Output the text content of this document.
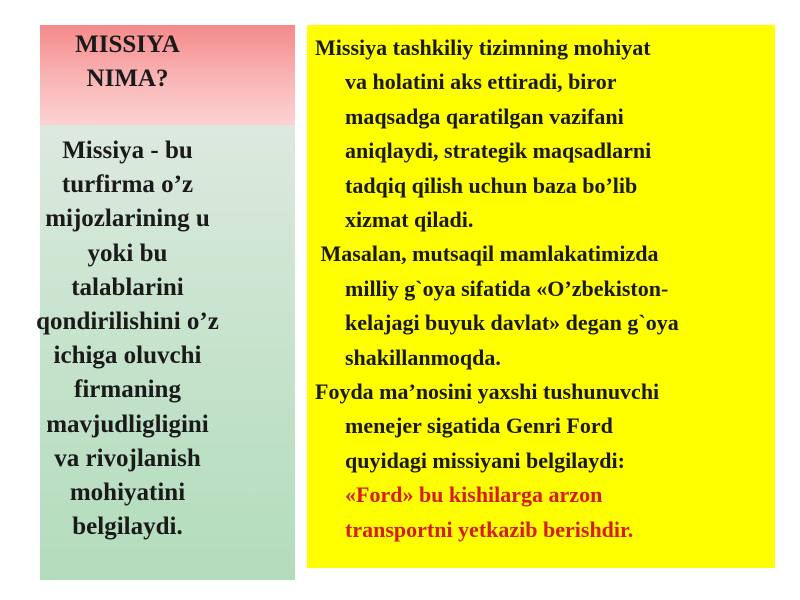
MISSIYA
NIMA?
Missiya - bu
turfirma o’z
mijozlarining u
yoki bu
talablarini
qondirilishini o’z
ichiga oluvchi
firmaning
mavjudligligini
va rivojlanish
mohiyatini
belgilaydi.
Missiya tashkiliy tizimning mohiyat
va holatini aks ettiradi, biror
maqsadga qaratilgan vazifani
aniqlaydi, strategik maqsadlarni
tadqiq qilish uchun baza bo’lib
xizmat qiladi.
Masalan, mutsaqil mamlakatimizda
milliy g`oya sifatida «O’zbekiston-
kelajagi buyuk davlat» degan g`oya
shakillanmoqda.
Foyda ma’nosini yaxshi tushunuvchi
menejer sigatida Genri Ford
quyidagi missiyani belgilaydi:
«Ford» bu kishilarga arzon
transportni yetkazib berishdir.
